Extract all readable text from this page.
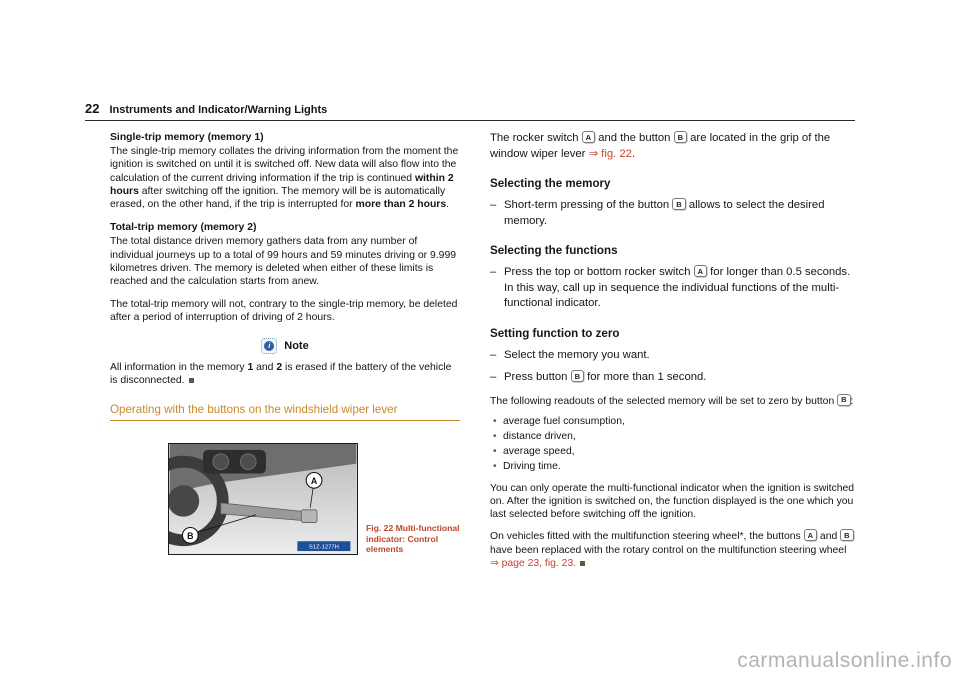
22 Instruments and Indicator/Warning Lights
Single-trip memory (memory 1)

The single-trip memory collates the driving information from the moment the ignition is switched on until it is switched off. New data will also flow into the calculation of the current driving information if the trip is continued within 2 hours after switching off the ignition. The memory will be is automatically erased, on the other hand, if the trip is interrupted for more than 2 hours.

Total-trip memory (memory 2)

The total distance driven memory gathers data from any number of individual journeys up to a total of 99 hours and 59 minutes driving or 9.999 kilometres driven. The memory is deleted when either of these limits is reached and the calculation starts from anew.

The total-trip memory will not, contrary to the single-trip memory, be deleted after a period of interruption of driving of 2 hours.

i	Note

All information in the memory 1 and 2 is erased if the battery of the vehicle is disconnected.

Operating with the buttons on the windshield wiper lever
A
B
S1Z-1277H
Fig. 22 Multi-functional
indicator: Control elements

The rocker switch A and the button B are located in the grip of the window wiper lever ⇒ fig. 22.

Selecting the memory
–
Short-term pressing of the button B allows to select the desired memory.
Selecting the functions
–
Press the top or bottom rocker switch A for longer than 0.5 seconds. In this way, call up in sequence the individual functions of the multi-functional indicator.
Setting function to zero
–
Select the memory you want.
–
Press button B for more than 1 second.

The following readouts of the selected memory will be set to zero by button B :

• average fuel consumption,
• distance driven,
• average speed,
• Driving time.

You can only operate the multi-functional indicator when the ignition is switched on. After the ignition is switched on, the function displayed is the one which you last selected before switching off the ignition.

On vehicles fitted with the multifunction steering wheel*, the buttons A and B have been replaced with the rotary control on the multifunction steering wheel ⇒ page 23, fig. 23.

carmanualsonline.info
